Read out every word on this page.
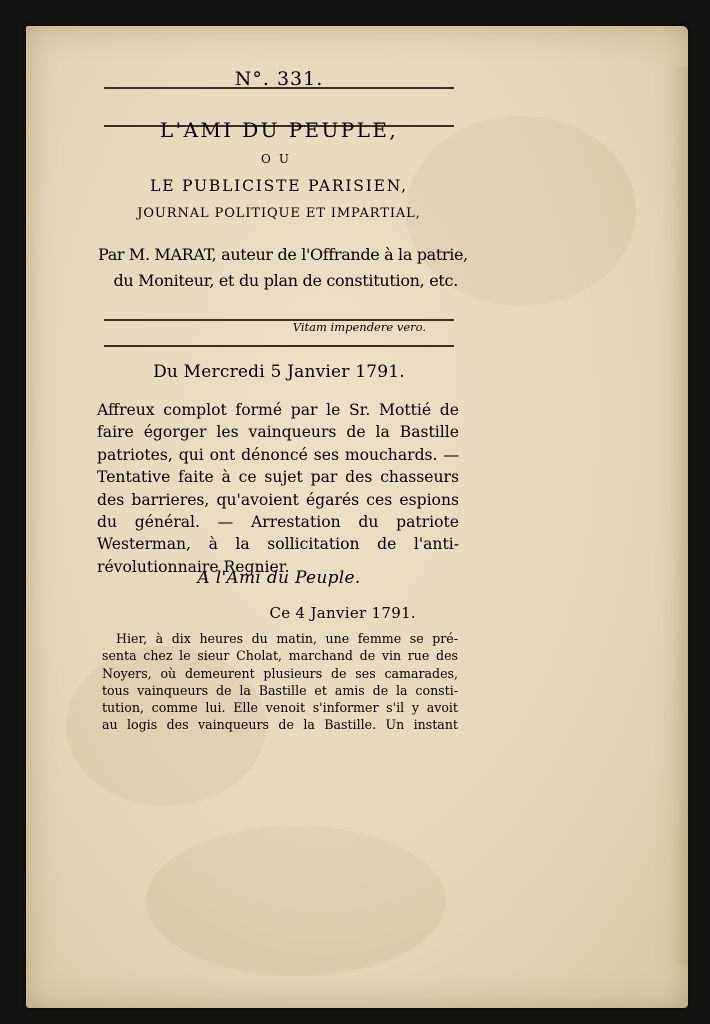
N°. 331.
L'AMI DU PEUPLE,
OU
LE PUBLICISTE PARISIEN,
JOURNAL POLITIQUE ET IMPARTIAL,
Par M. MARAT, auteur de l'Offrande à la patrie,
du Moniteur, et du plan de constitution, etc.
Vitam impendere vero.
Du Mercredi 5 Janvier 1791.

Affreux complot formé par le Sr. Mottié de faire égorger les vainqueurs de la Bastille patriotes, qui ont dénoncé ses mouchards. — Tentative faite à ce sujet par des chasseurs des barrieres, qu'avoient égarés ces espions du général. — Arrestation du patriote Westerman, à la sollicitation de l'anti-révolutionnaire Regnier.

A l'Ami du Peuple.
Ce 4 Janvier 1791.
Hier, à dix heures du matin, une femme se pré-
senta chez le sieur Cholat, marchand de vin rue des
Noyers, où demeurent plusieurs de ses camarades,
tous vainqueurs de la Bastille et amis de la consti-
tution, comme lui. Elle venoit s'informer s'il y avoit
au logis des vainqueurs de la Bastille. Un instant
